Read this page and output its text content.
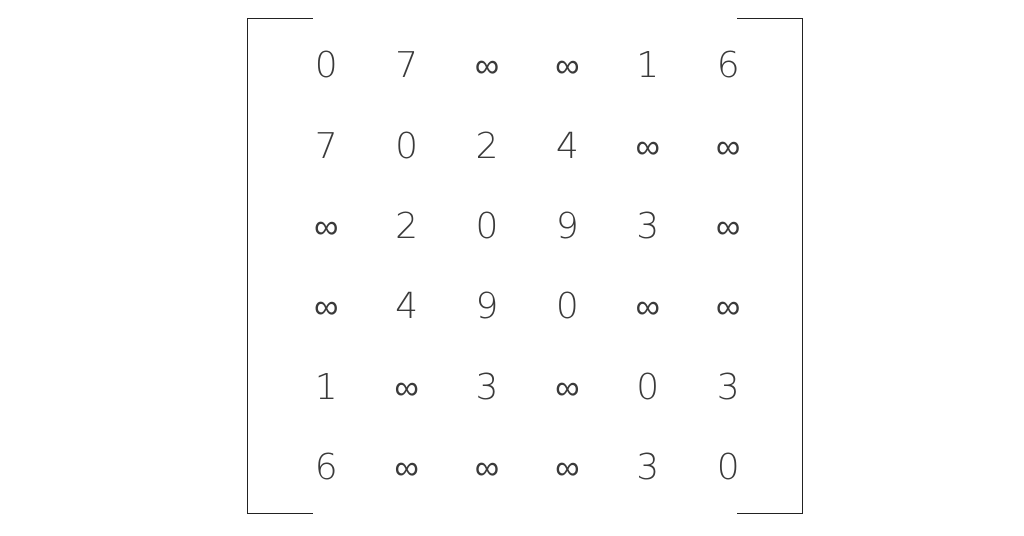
0	7	∞	∞	1	6
7	0	2	4	∞	∞
∞	2	0	9	3	∞
∞	4	9	0	∞	∞
1	∞	3	∞	0	3
6	∞	∞	∞	3	0
